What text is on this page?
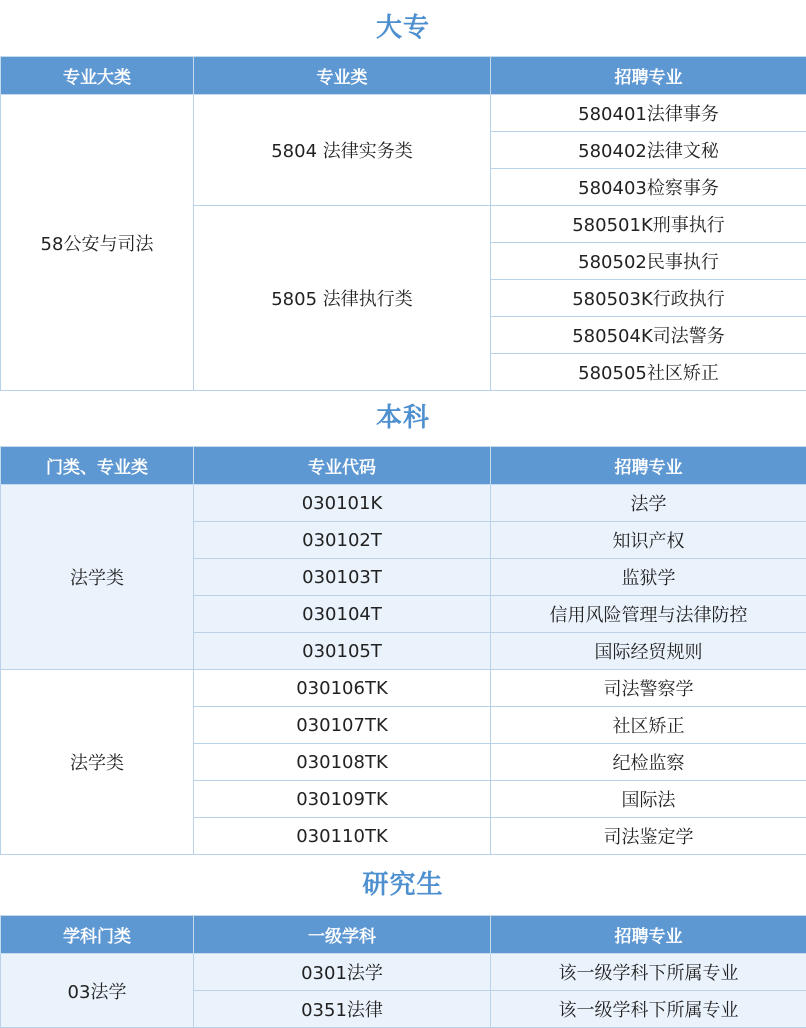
大专
专业大类	专业类	招聘专业
58公安与司法	5804 法律实务类	580401法律事务
		580402法律文秘
		580403检察事务
	5805 法律执行类	580501K刑事执行
		580502民事执行
		580503K行政执行
		580504K司法警务
		580505社区矫正
本科
门类、专业类	专业代码	招聘专业
法学类	030101K	法学
	030102T	知识产权
	030103T	监狱学
	030104T	信用风险管理与法律防控
	030105T	国际经贸规则
法学类	030106TK	司法警察学
	030107TK	社区矫正
	030108TK	纪检监察
	030109TK	国际法
	030110TK	司法鉴定学
研究生
学科门类	一级学科	招聘专业
03法学	0301法学	该一级学科下所属专业
	0351法律	该一级学科下所属专业
